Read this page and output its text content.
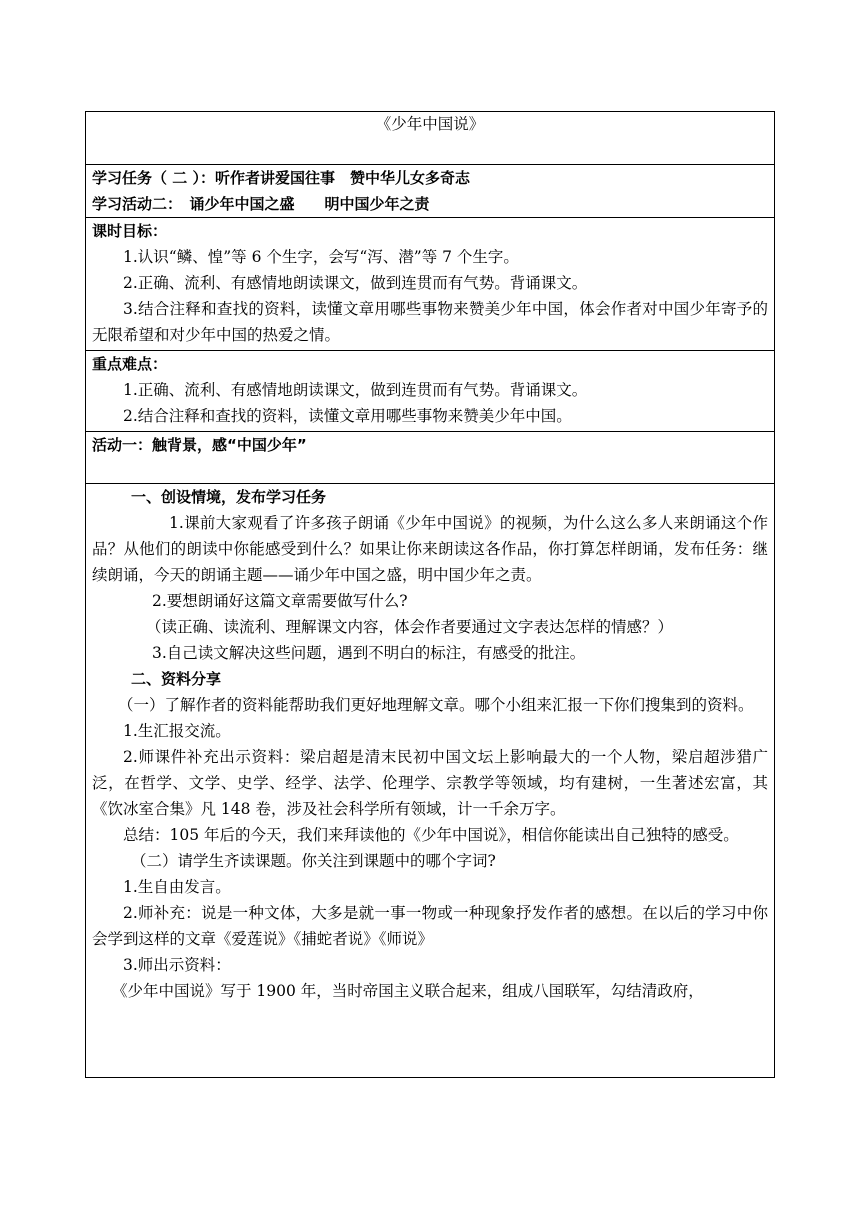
《少年中国说》

学习任务（ 二 ）：听作者讲爱国往事　赞中华儿女多奇志
学习活动二：　诵少年中国之盛　　明中国少年之责

课时目标：
1.认识“鳞、惶”等 6 个生字，会写“泻、潜”等 7 个生字。
2.正确、流利、有感情地朗读课文，做到连贯而有气势。背诵课文。
3.结合注释和查找的资料，读懂文章用哪些事物来赞美少年中国，体会作者对中国少年寄予的无限希望和对少年中国的热爱之情。

重点难点：
1.正确、流利、有感情地朗读课文，做到连贯而有气势。背诵课文。
2.结合注释和查找的资料，读懂文章用哪些事物来赞美少年中国。

活动一：触背景，感“中国少年”

一、创设情境，发布学习任务
1.课前大家观看了许多孩子朗诵《少年中国说》的视频，为什么这么多人来朗诵这个作品？从他们的朗读中你能感受到什么？如果让你来朗读这各作品，你打算怎样朗诵，发布任务：继续朗诵，今天的朗诵主题——诵少年中国之盛，明中国少年之责。
2.要想朗诵好这篇文章需要做写什么?
（读正确、读流利、理解课文内容，体会作者要通过文字表达怎样的情感？）
3.自己读文解决这些问题，遇到不明白的标注，有感受的批注。
二、资料分享
（一）了解作者的资料能帮助我们更好地理解文章。哪个小组来汇报一下你们搜集到的资料。
1.生汇报交流。
2.师课件补充出示资料：梁启超是清末民初中国文坛上影响最大的一个人物，梁启超涉猎广泛，在哲学、文学、史学、经学、法学、伦理学、宗教学等领域，均有建树，一生著述宏富，其《饮冰室合集》凡 148 卷，涉及社会科学所有领域，计一千余万字。
总结：105 年后的今天，我们来拜读他的《少年中国说》，相信你能读出自己独特的感受。
（二）请学生齐读课题。你关注到课题中的哪个字词?
1.生自由发言。
2.师补充：说是一种文体，大多是就一事一物或一种现象抒发作者的感想。在以后的学习中你会学到这样的文章《爱莲说》《捕蛇者说》《师说》
3.师出示资料：
《少年中国说》写于 1900 年，当时帝国主义联合起来，组成八国联军，勾结清政府，
